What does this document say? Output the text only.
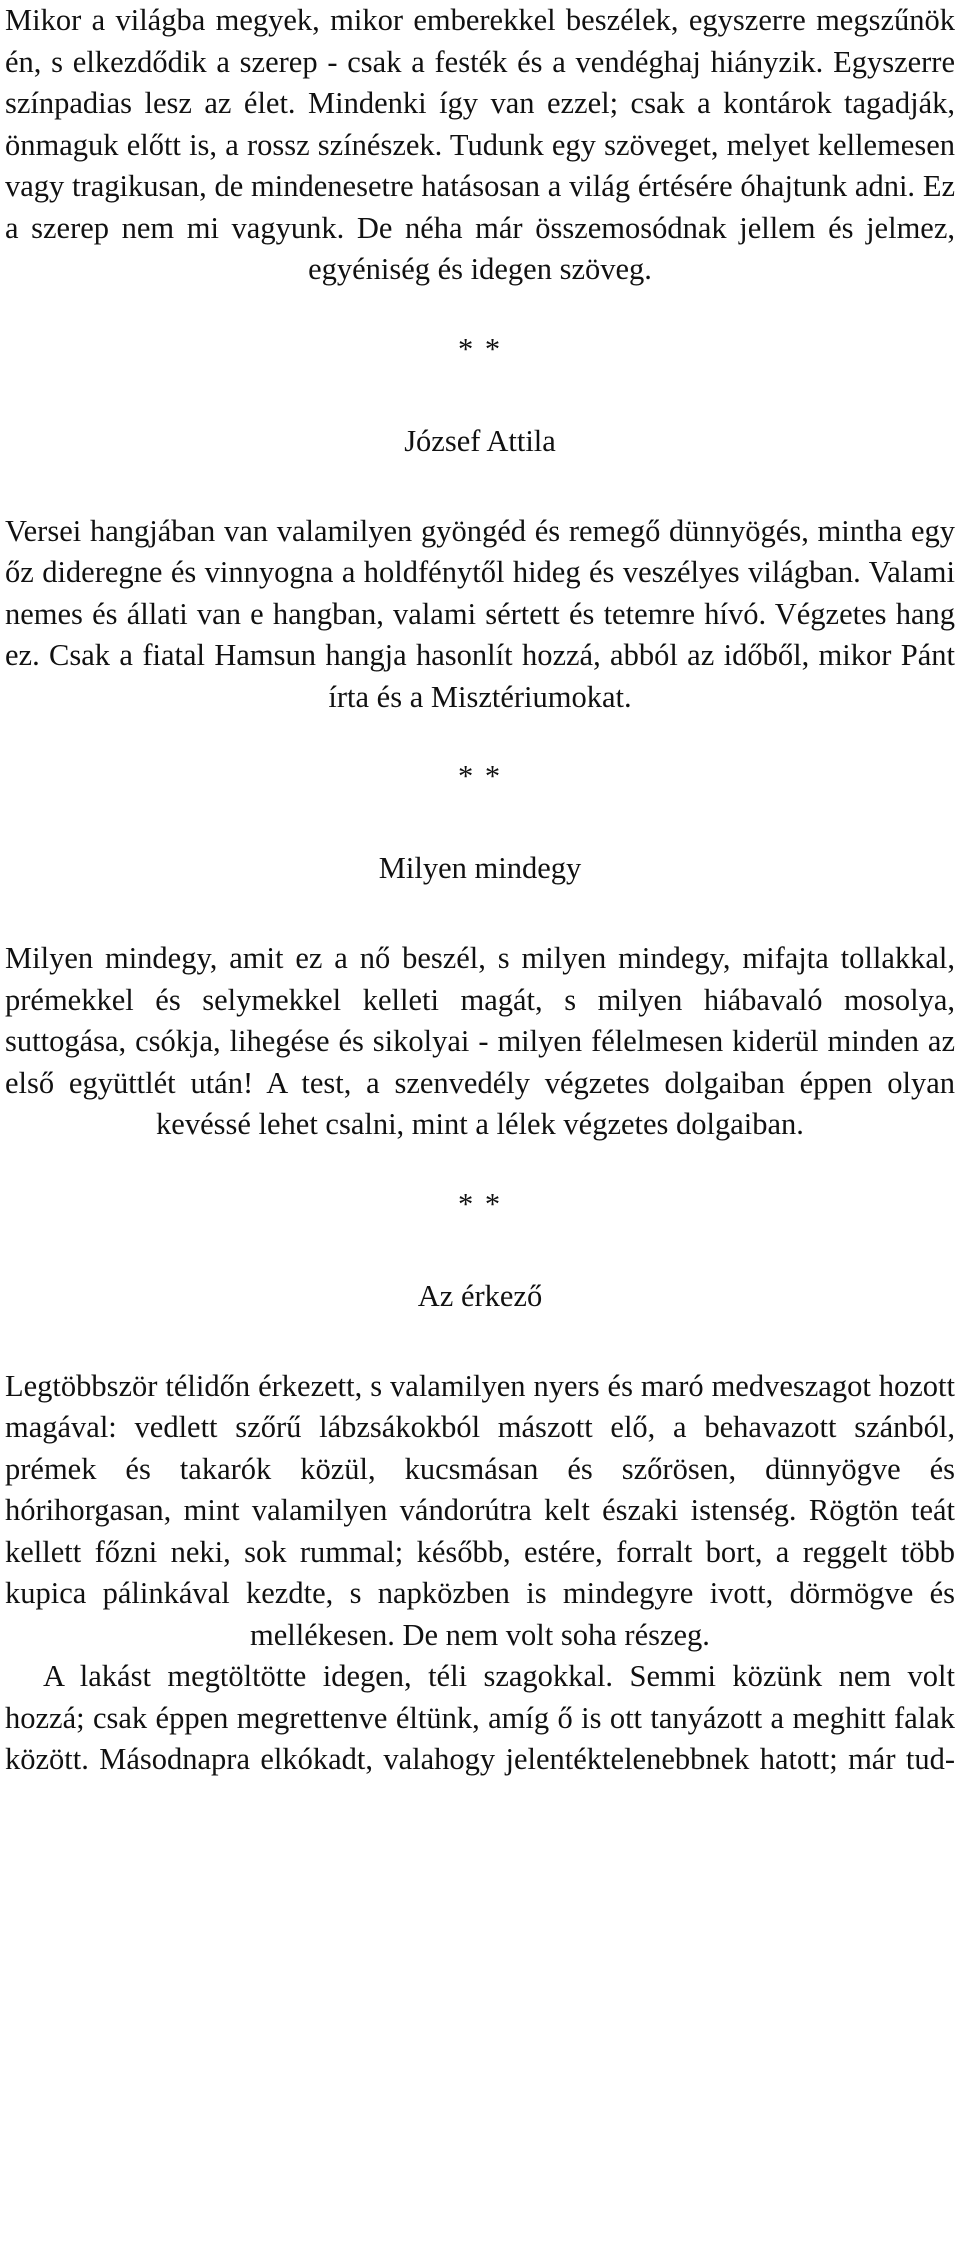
Mikor a világba megyek, mikor emberekkel beszélek, egyszerre megszűnök én, s elkezdődik a szerep - csak a festék és a vendéghaj hiányzik. Egyszerre színpadias lesz az élet. Mindenki így van ezzel; csak a kontárok tagadják, önmaguk előtt is, a rossz színészek. Tudunk egy szöveget, melyet kellemesen vagy tragikusan, de mindenesetre hatásosan a világ értésére óhajtunk adni. Ez a szerep nem mi vagyunk. De néha már összemosódnak jellem és jelmez, egyéniség és idegen szöveg.

* *

József Attila

Versei hangjában van valamilyen gyöngéd és remegő dünnyögés, mintha egy őz dideregne és vinnyogna a holdfénytől hideg és veszélyes világban. Valami nemes és állati van e hangban, valami sértett és tetemre hívó. Végzetes hang ez. Csak a fiatal Hamsun hangja hasonlít hozzá, abból az időből, mikor Pánt írta és a Misztériumokat.

* *

Milyen mindegy

Milyen mindegy, amit ez a nő beszél, s milyen mindegy, mifajta tollakkal, prémekkel és selymekkel kelleti magát, s milyen hiábavaló mosolya, suttogása, csókja, lihegése és sikolyai - milyen félelmesen kiderül minden az első együttlét után! A test, a szenvedély végzetes dolgaiban éppen olyan kevéssé lehet csalni, mint a lélek végzetes dolgaiban.

* *

Az érkező

Legtöbbször télidőn érkezett, s valamilyen nyers és maró medveszagot hozott magával: vedlett szőrű lábzsákokból mászott elő, a behavazott szánból, prémek és takarók közül, kucsmásan és szőrösen, dünnyögve és hórihorgasan, mint valamilyen vándorútra kelt északi istenség. Rögtön teát kellett főzni neki, sok rummal; később, estére, forralt bort, a reggelt több kupica pálinkával kezdte, s napközben is mindegyre ivott, dörmögve és mellékesen. De nem volt soha részeg.

A lakást megtöltötte idegen, téli szagokkal. Semmi közünk nem volt hozzá; csak éppen megrettenve éltünk, amíg ő is ott tanyázott a meghitt falak között. Másodnapra elkókadt, valahogy jelentéktelenebbnek hatott; már tud-
